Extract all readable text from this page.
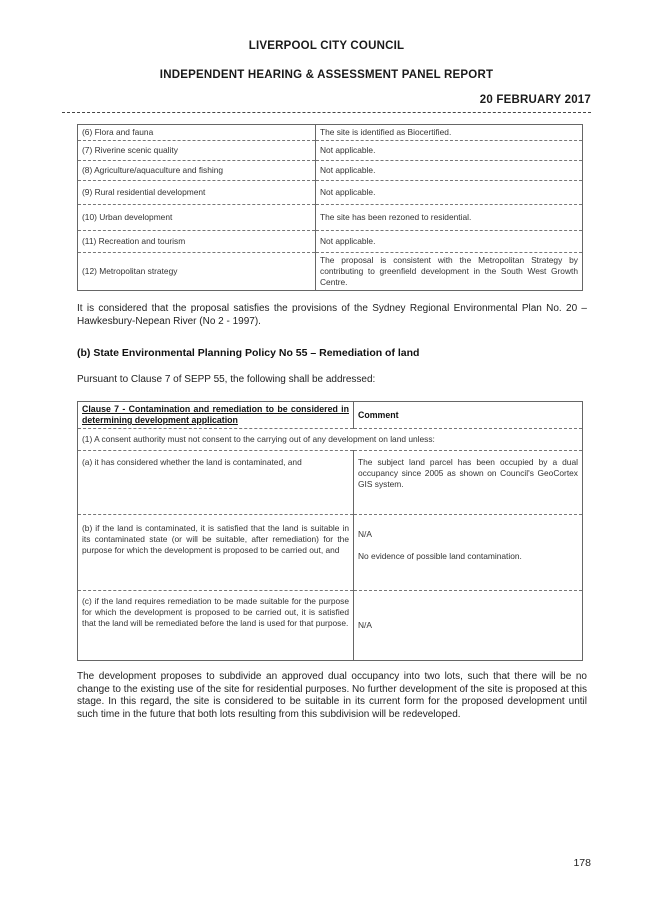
LIVERPOOL CITY COUNCIL
INDEPENDENT HEARING & ASSESSMENT PANEL REPORT
20 FEBRUARY 2017
(6) Flora and fauna	The site is identified as Biocertified.
(7) Riverine scenic quality	Not applicable.
(8) Agriculture/aquaculture and fishing	Not applicable.
(9) Rural residential development	Not applicable.
(10) Urban development	The site has been rezoned to residential.
(11) Recreation and tourism	Not applicable.
(12) Metropolitan strategy	The proposal is consistent with the Metropolitan Strategy by contributing to greenfield development in the South West Growth Centre.
It is considered that the proposal satisfies the provisions of the Sydney Regional Environmental Plan No. 20 – Hawkesbury-Nepean River (No 2 - 1997).
(b) State Environmental Planning Policy No 55 – Remediation of land
Pursuant to Clause 7 of SEPP 55, the following shall be addressed:
Clause 7 - Contamination and remediation to be considered in determining development application	Comment
(1) A consent authority must not consent to the carrying out of any development on land unless:	
(a) it has considered whether the land is contaminated, and	The subject land parcel has been occupied by a dual occupancy since 2005 as shown on Council's GeoCortex GIS system.
(b) if the land is contaminated, it is satisfied that the land is suitable in its contaminated state (or will be suitable, after remediation) for the purpose for which the development is proposed to be carried out, and	N/A

No evidence of possible land contamination.
(c) if the land requires remediation to be made suitable for the purpose for which the development is proposed to be carried out, it is satisfied that the land will be remediated before the land is used for that purpose.	N/A
The development proposes to subdivide an approved dual occupancy into two lots, such that there will be no change to the existing use of the site for residential purposes. No further development of the site is proposed at this stage. In this regard, the site is considered to be suitable in its current form for the proposed development until such time in the future that both lots resulting from this subdivision will be redeveloped.
178
